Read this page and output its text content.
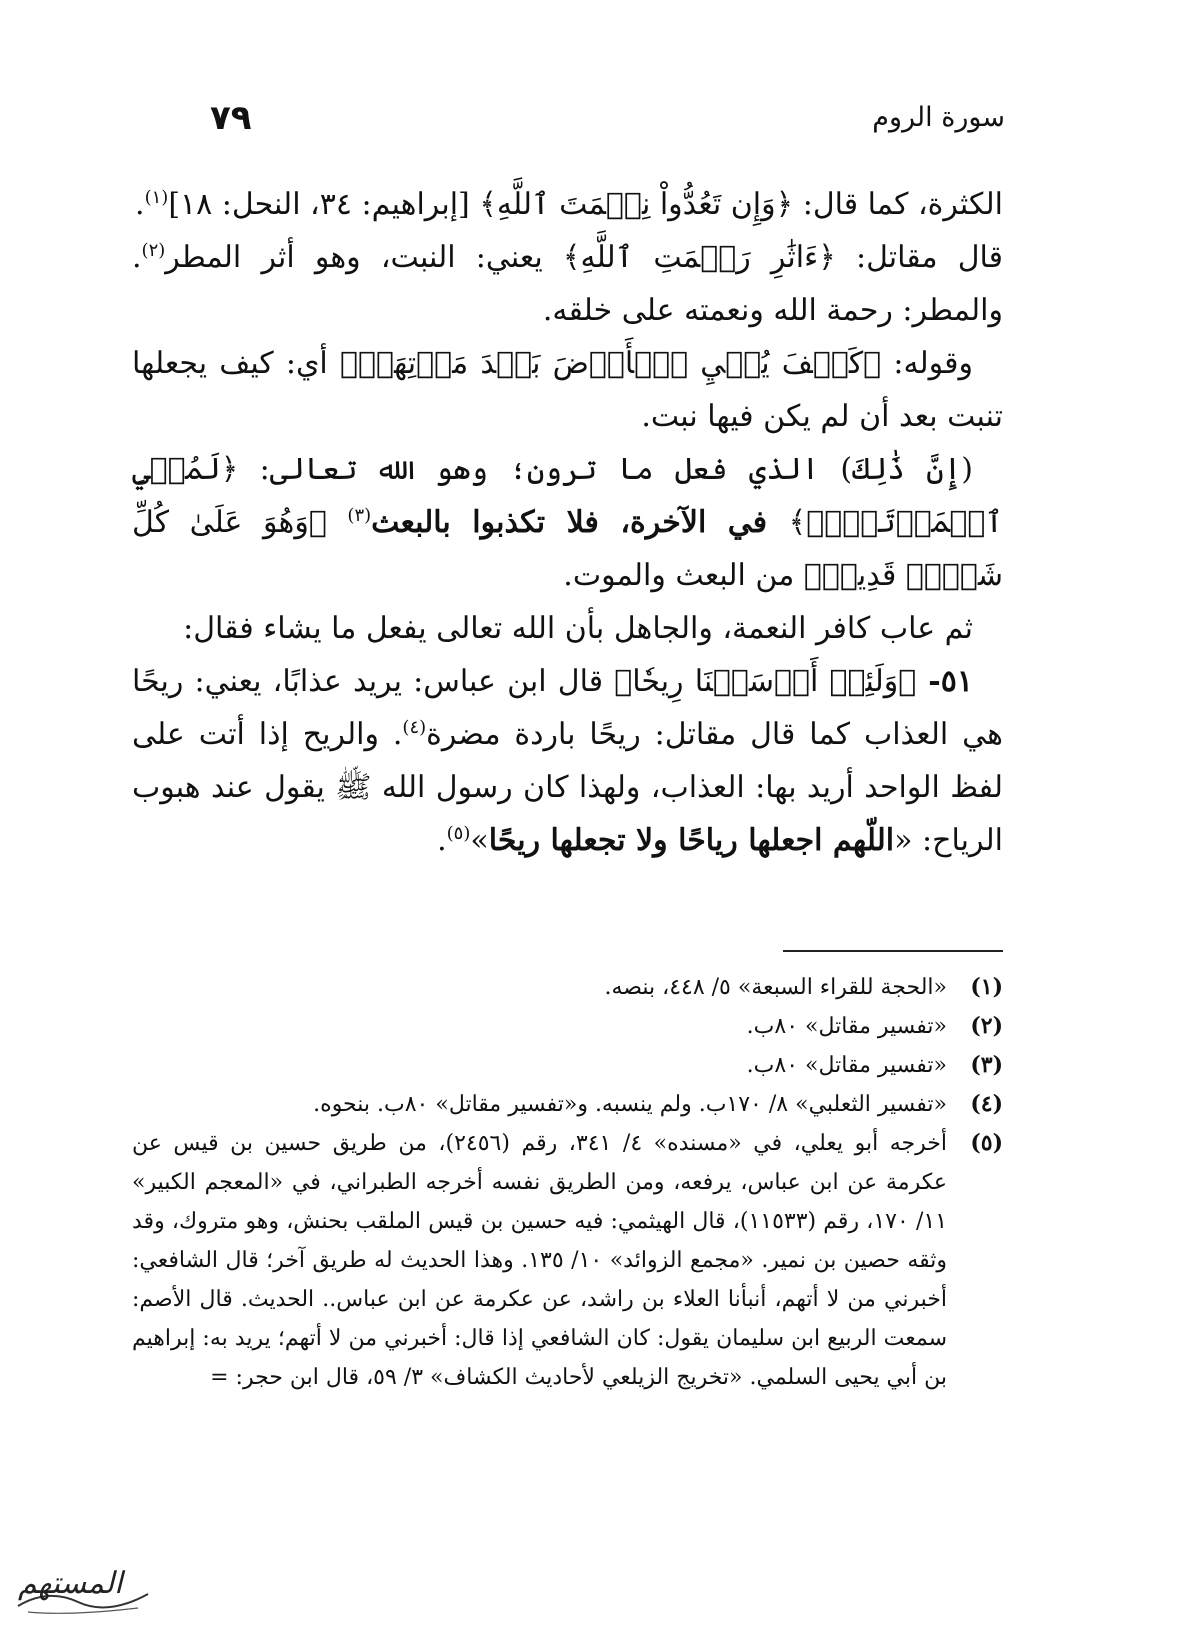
سورة الروم
٧٩

الكثرة، كما قال: ﴿وَإِن تَعُدُّواْ نِعۡمَتَ ٱللَّهِ﴾ [إبراهيم: ٣٤، النحل: ١٨]$^{(١)}$.

قال مقاتل: ﴿ءَاثَٰرِ رَحۡمَتِ ٱللَّهِ﴾ يعني: النبت، وهو أثر المطر$^{(٢)}$. والمطر: رحمة الله ونعمته على خلقه.

وقوله: ﴿كَيۡفَ يُحۡيِ ٱلۡأَرۡضَ بَعۡدَ مَوۡتِهَآۚ﴾ أي: كيف يجعلها تنبت بعد أن لم يكن فيها نبت.

(إِنَّ ذَٰلِكَ) الذي فعل ما ترون؛ وهو الله تعالى: ﴿لَمُحۡيِ ٱلۡمَوۡتَىٰٓۖ﴾ في الآخرة، فلا تكذبوا بالبعث$^{(٣)}$ ﴿وَهُوَ عَلَىٰ كُلِّ شَيۡءٖ قَدِيرٞ﴾ من البعث والموت.

ثم عاب كافر النعمة، والجاهل بأن الله تعالى يفعل ما يشاء فقال:

٥١- ﴿وَلَئِنۡ أَرۡسَلۡنَا رِيحٗا﴾ قال ابن عباس: يريد عذابًا، يعني: ريحًا هي العذاب كما قال مقاتل: ريحًا باردة مضرة$^{(٤)}$. والريح إذا أتت على لفظ الواحد أريد بها: العذاب، ولهذا كان رسول الله ﷺ يقول عند هبوب الرياح: «اللّهم اجعلها رياحًا ولا تجعلها ريحًا»$^{(٥)}$.

(١)
«الحجة للقراء السبعة» ٥/ ٤٤٨، بنصه.
(٢)
«تفسير مقاتل» ٨٠ب.
(٣)
«تفسير مقاتل» ٨٠ب.
(٤)
«تفسير الثعلبي» ٨/ ١٧٠ب. ولم ينسبه. و«تفسير مقاتل» ٨٠ب. بنحوه.
(٥)
أخرجه أبو يعلي، في «مسنده» ٤/ ٣٤١، رقم (٢٤٥٦)، من طريق حسين بن قيس عن عكرمة عن ابن عباس، يرفعه، ومن الطريق نفسه أخرجه الطبراني، في «المعجم الكبير» ١١/ ١٧٠، رقم (١١٥٣٣)، قال الهيثمي: فيه حسين بن قيس الملقب بحنش، وهو متروك، وقد وثقه حصين بن نمير. «مجمع الزوائد» ١٠/ ١٣٥. وهذا الحديث له طريق آخر؛ قال الشافعي: أخبرني من لا أتهم، أنبأنا العلاء بن راشد، عن عكرمة عن ابن عباس.. الحديث. قال الأصم: سمعت الربيع ابن سليمان يقول: كان الشافعي إذا قال: أخبرني من لا أتهم؛ يريد به: إبراهيم بن أبي يحيى السلمي. «تخريج الزيلعي لأحاديث الكشاف» ٣/ ٥٩، قال ابن حجر: =
المستهم
